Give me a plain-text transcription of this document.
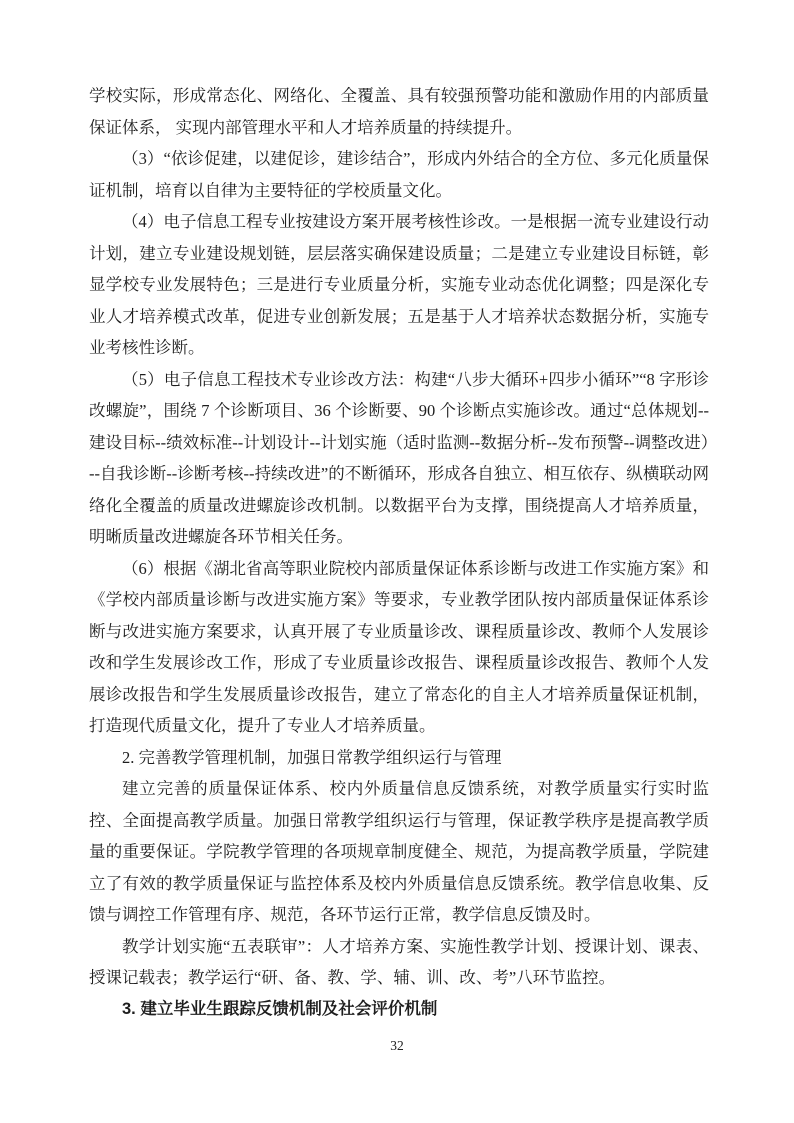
学校实际，形成常态化、网络化、全覆盖、具有较强预警功能和激励作用的内部质量保证体系， 实现内部管理水平和人才培养质量的持续提升。

（3）“依诊促建，以建促诊，建诊结合”，形成内外结合的全方位、多元化质量保证机制，培育以自律为主要特征的学校质量文化。

（4）电子信息工程专业按建设方案开展考核性诊改。一是根据一流专业建设行动计划，建立专业建设规划链，层层落实确保建设质量；二是建立专业建设目标链，彰显学校专业发展特色；三是进行专业质量分析，实施专业动态优化调整；四是深化专业人才培养模式改革，促进专业创新发展；五是基于人才培养状态数据分析，实施专业考核性诊断。

（5）电子信息工程技术专业诊改方法：构建“八步大循环+四步小循环”“8 字形诊改螺旋”，围绕 7 个诊断项目、36 个诊断要、90 个诊断点实施诊改。通过“总体规划--建设目标--绩效标准--计划设计--计划实施（适时监测--数据分析--发布预警--调整改进）--自我诊断--诊断考核--持续改进”的不断循环，形成各自独立、相互依存、纵横联动网络化全覆盖的质量改进螺旋诊改机制。以数据平台为支撑，围绕提高人才培养质量，明晰质量改进螺旋各环节相关任务。

（6）根据《湖北省高等职业院校内部质量保证体系诊断与改进工作实施方案》和《学校内部质量诊断与改进实施方案》等要求，专业教学团队按内部质量保证体系诊断与改进实施方案要求，认真开展了专业质量诊改、课程质量诊改、教师个人发展诊改和学生发展诊改工作，形成了专业质量诊改报告、课程质量诊改报告、教师个人发展诊改报告和学生发展质量诊改报告，建立了常态化的自主人才培养质量保证机制，打造现代质量文化，提升了专业人才培养质量。

2. 完善教学管理机制，加强日常教学组织运行与管理

建立完善的质量保证体系、校内外质量信息反馈系统，对教学质量实行实时监控、全面提高教学质量。加强日常教学组织运行与管理，保证教学秩序是提高教学质量的重要保证。学院教学管理的各项规章制度健全、规范，为提高教学质量，学院建立了有效的教学质量保证与监控体系及校内外质量信息反馈系统。教学信息收集、反馈与调控工作管理有序、规范，各环节运行正常，教学信息反馈及时。

教学计划实施“五表联审”：人才培养方案、实施性教学计划、授课计划、课表、授课记载表；教学运行“研、备、教、学、辅、训、改、考”八环节监控。

3. 建立毕业生跟踪反馈机制及社会评价机制

32
